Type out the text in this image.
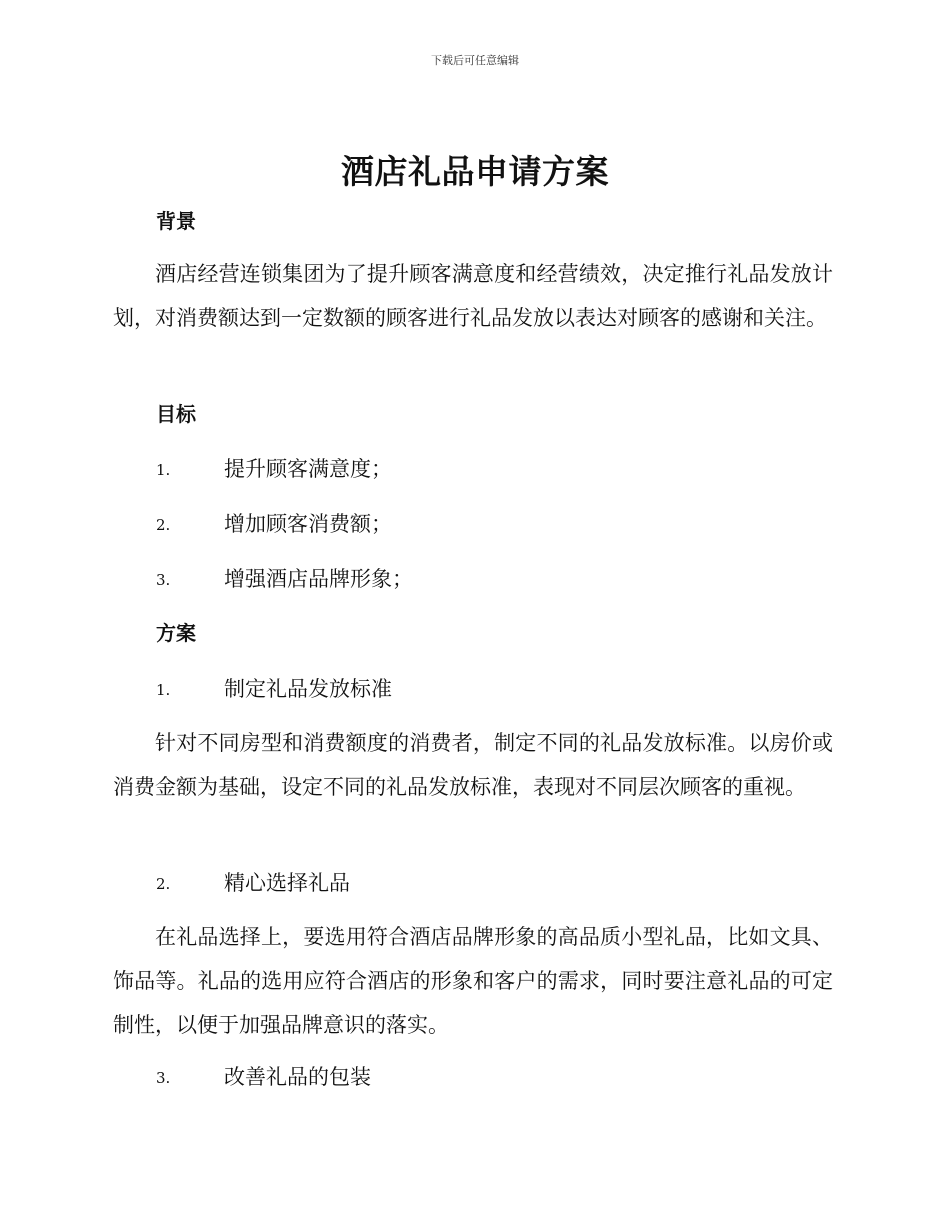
下载后可任意编辑
酒店礼品申请方案
背景

酒店经营连锁集团为了提升顾客满意度和经营绩效，决定推行礼品发放计划，对消费额达到一定数额的顾客进行礼品发放以表达对顾客的感谢和关注。

目标
1.	提升顾客满意度；
2.	增加顾客消费额；
3.	增强酒店品牌形象；
方案
1.	制定礼品发放标准

针对不同房型和消费额度的消费者，制定不同的礼品发放标准。以房价或消费金额为基础，设定不同的礼品发放标准，表现对不同层次顾客的重视。

2.	精心选择礼品

在礼品选择上，要选用符合酒店品牌形象的高品质小型礼品，比如文具、饰品等。礼品的选用应符合酒店的形象和客户的需求，同时要注意礼品的可定制性，以便于加强品牌意识的落实。

3.	改善礼品的包装
